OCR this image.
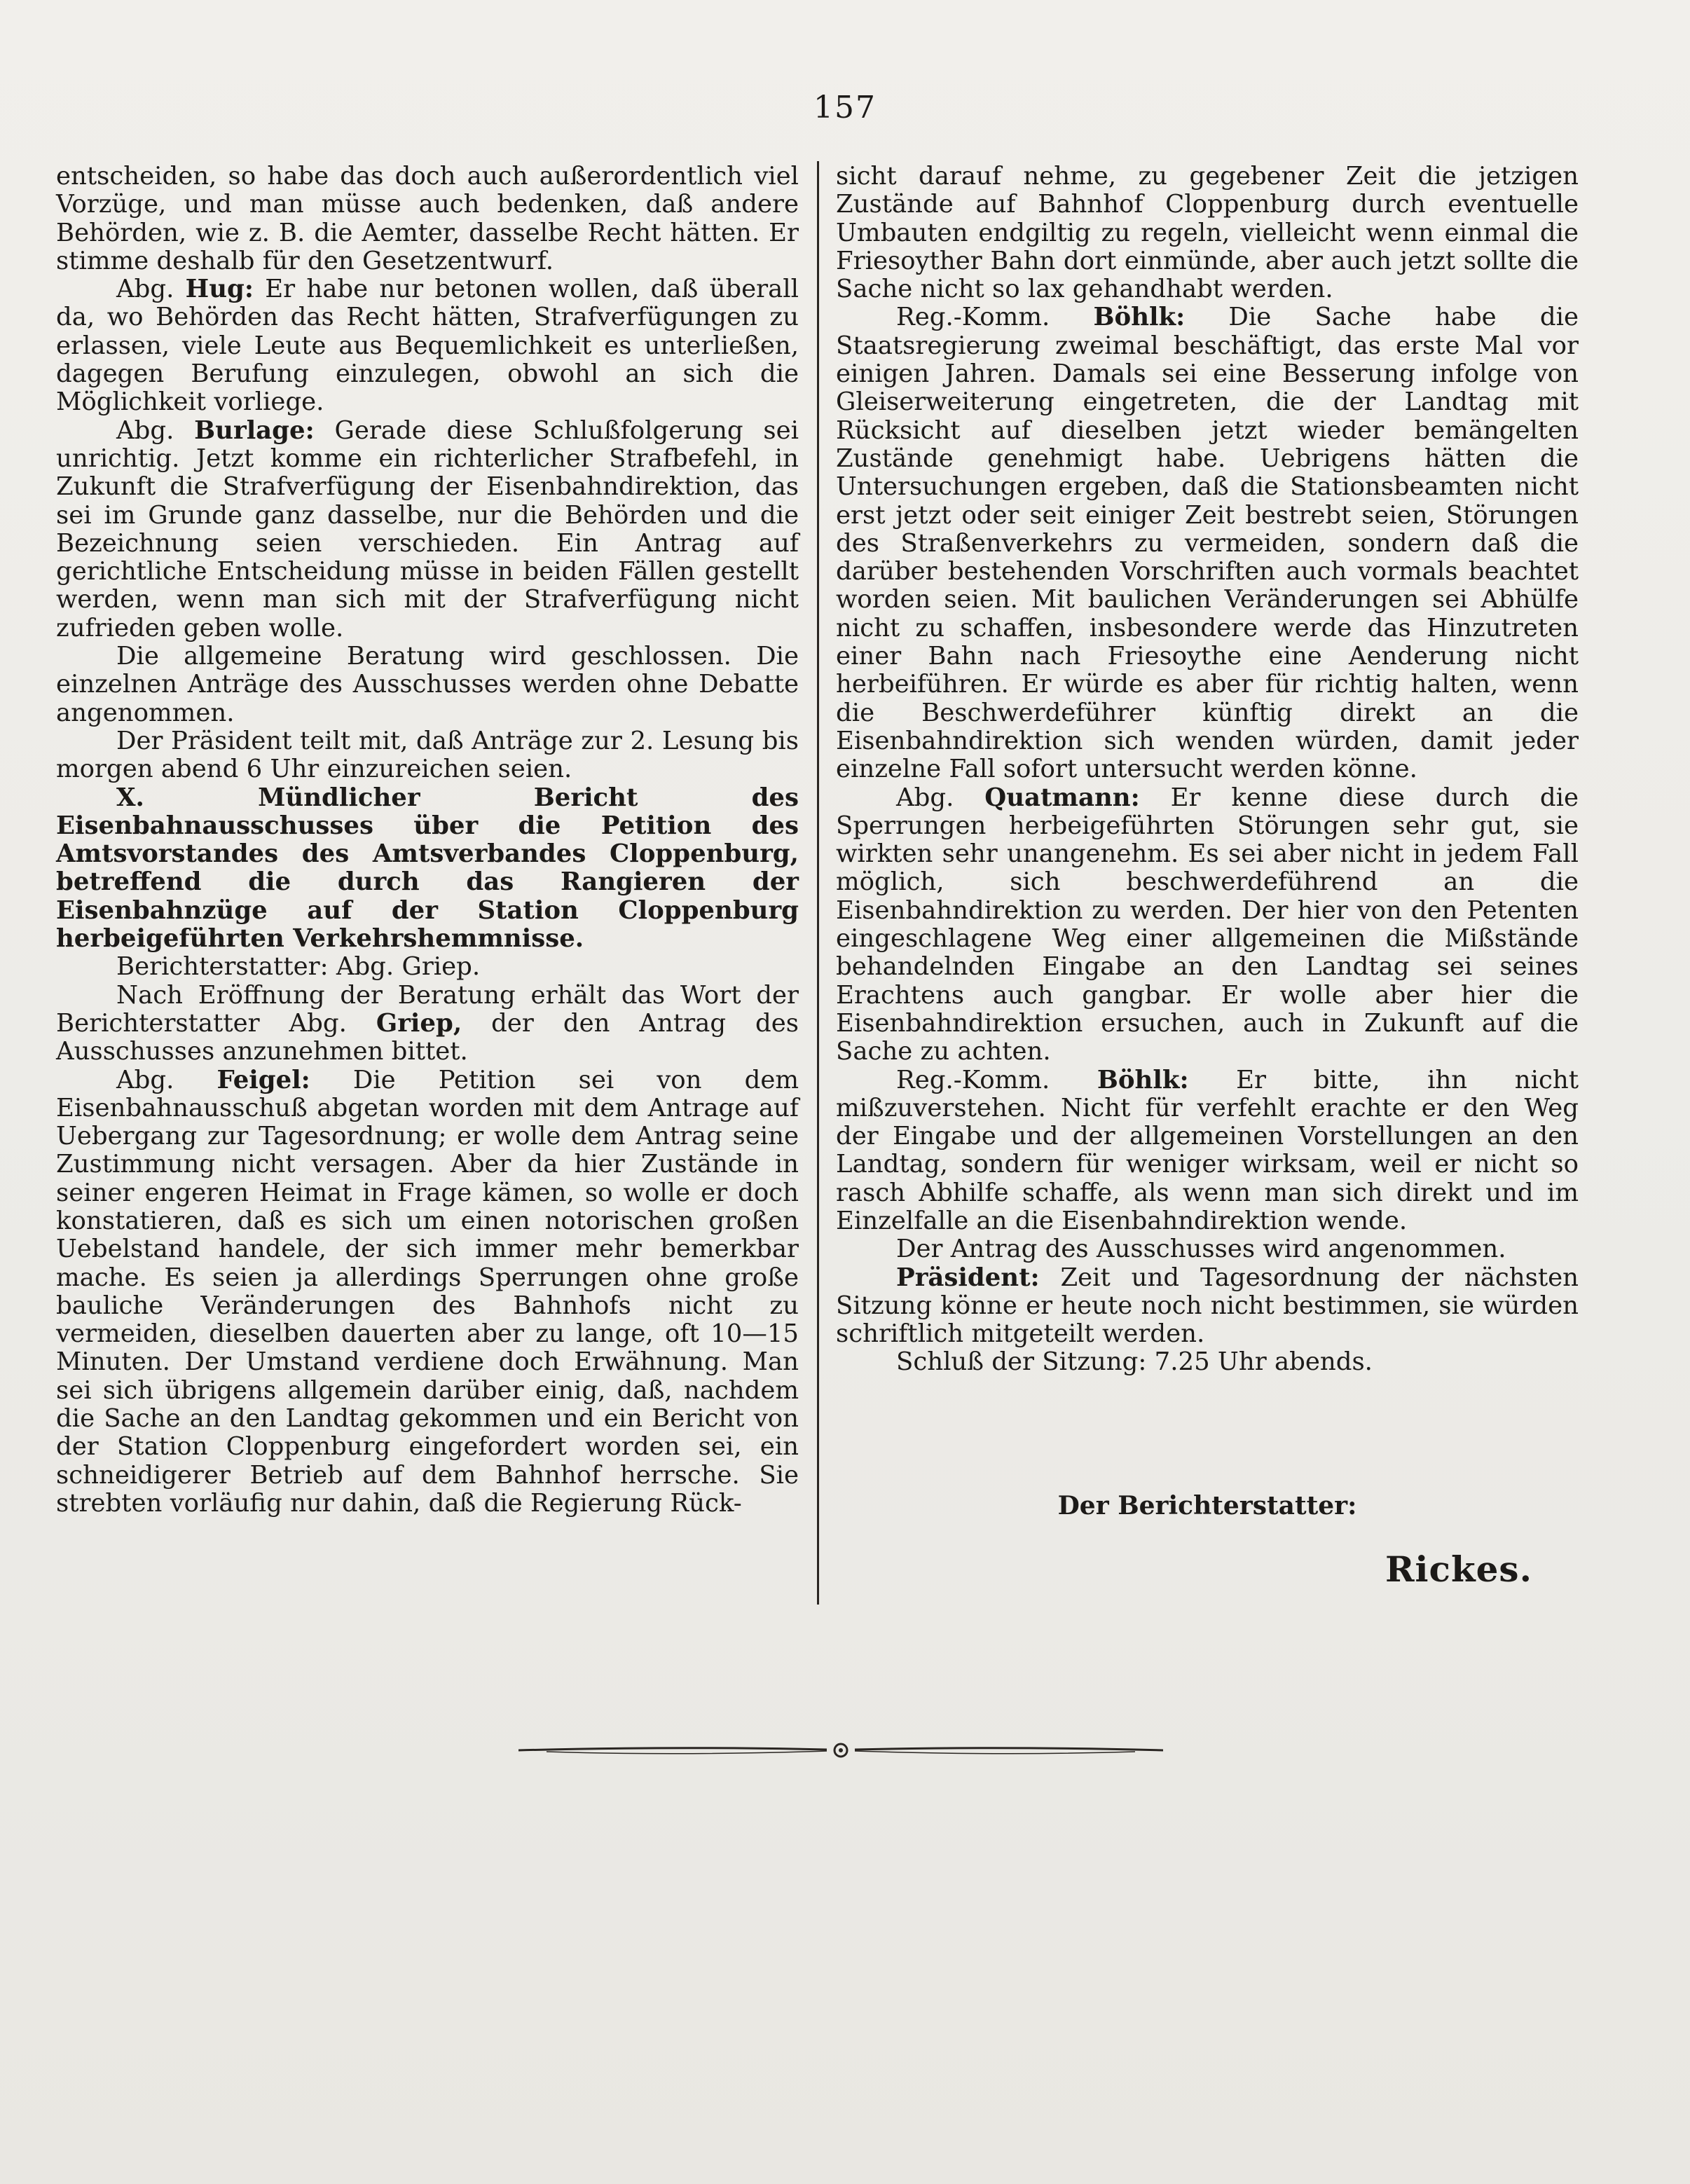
157

entscheiden, so habe das doch auch außerordentlich viel Vorzüge, und man müsse auch bedenken, daß andere Behörden, wie z. B. die Aemter, dasselbe Recht hätten. Er stimme deshalb für den Gesetzentwurf.

Abg. Hug: Er habe nur betonen wollen, daß überall da, wo Behörden das Recht hätten, Strafverfügungen zu erlassen, viele Leute aus Bequemlichkeit es unterließen, dagegen Berufung einzulegen, obwohl an sich die Möglichkeit vorliege.

Abg. Burlage: Gerade diese Schlußfolgerung sei unrichtig. Jetzt komme ein richterlicher Strafbefehl, in Zukunft die Strafverfügung der Eisenbahndirektion, das sei im Grunde ganz dasselbe, nur die Behörden und die Bezeichnung seien verschieden. Ein Antrag auf gerichtliche Entscheidung müsse in beiden Fällen gestellt werden, wenn man sich mit der Strafverfügung nicht zufrieden geben wolle.

Die allgemeine Beratung wird geschlossen. Die einzelnen Anträge des Ausschusses werden ohne Debatte angenommen.

Der Präsident teilt mit, daß Anträge zur 2. Lesung bis morgen abend 6 Uhr einzureichen seien.

X. Mündlicher Bericht des Eisenbahnausschusses über die Petition des Amtsvorstandes des Amtsverbandes Cloppenburg, betreffend die durch das Rangieren der Eisenbahnzüge auf der Station Cloppenburg herbeigeführten Verkehrshemmnisse.

Berichterstatter: Abg. Griep.

Nach Eröffnung der Beratung erhält das Wort der Berichterstatter Abg. Griep, der den Antrag des Ausschusses anzunehmen bittet.

Abg. Feigel: Die Petition sei von dem Eisenbahnausschuß abgetan worden mit dem Antrage auf Uebergang zur Tagesordnung; er wolle dem Antrag seine Zustimmung nicht versagen. Aber da hier Zustände in seiner engeren Heimat in Frage kämen, so wolle er doch konstatieren, daß es sich um einen notorischen großen Uebelstand handele, der sich immer mehr bemerkbar mache. Es seien ja allerdings Sperrungen ohne große bauliche Veränderungen des Bahnhofs nicht zu vermeiden, dieselben dauerten aber zu lange, oft 10—15 Minuten. Der Umstand verdiene doch Erwähnung. Man sei sich übrigens allgemein darüber einig, daß, nachdem die Sache an den Landtag gekommen und ein Bericht von der Station Cloppenburg eingefordert worden sei, ein schneidigerer Betrieb auf dem Bahnhof herrsche. Sie strebten vorläufig nur dahin, daß die Regierung Rück-

sicht darauf nehme, zu gegebener Zeit die jetzigen Zustände auf Bahnhof Cloppenburg durch eventuelle Umbauten endgiltig zu regeln, vielleicht wenn einmal die Friesoyther Bahn dort einmünde, aber auch jetzt sollte die Sache nicht so lax gehandhabt werden.

Reg.-Komm. Böhlk: Die Sache habe die Staatsregierung zweimal beschäftigt, das erste Mal vor einigen Jahren. Damals sei eine Besserung infolge von Gleiserweiterung eingetreten, die der Landtag mit Rücksicht auf dieselben jetzt wieder bemängelten Zustände genehmigt habe. Uebrigens hätten die Untersuchungen ergeben, daß die Stationsbeamten nicht erst jetzt oder seit einiger Zeit bestrebt seien, Störungen des Straßenverkehrs zu vermeiden, sondern daß die darüber bestehenden Vorschriften auch vormals beachtet worden seien. Mit baulichen Veränderungen sei Abhülfe nicht zu schaffen, insbesondere werde das Hinzutreten einer Bahn nach Friesoythe eine Aenderung nicht herbeiführen. Er würde es aber für richtig halten, wenn die Beschwerdeführer künftig direkt an die Eisenbahndirektion sich wenden würden, damit jeder einzelne Fall sofort untersucht werden könne.

Abg. Quatmann: Er kenne diese durch die Sperrungen herbeigeführten Störungen sehr gut, sie wirkten sehr unangenehm. Es sei aber nicht in jedem Fall möglich, sich beschwerdeführend an die Eisenbahndirektion zu werden. Der hier von den Petenten eingeschlagene Weg einer allgemeinen die Mißstände behandelnden Eingabe an den Landtag sei seines Erachtens auch gangbar. Er wolle aber hier die Eisenbahndirektion ersuchen, auch in Zukunft auf die Sache zu achten.

Reg.-Komm. Böhlk: Er bitte, ihn nicht mißzuverstehen. Nicht für verfehlt erachte er den Weg der Eingabe und der allgemeinen Vorstellungen an den Landtag, sondern für weniger wirksam, weil er nicht so rasch Abhilfe schaffe, als wenn man sich direkt und im Einzelfalle an die Eisenbahndirektion wende.

Der Antrag des Ausschusses wird angenommen.

Präsident: Zeit und Tagesordnung der nächsten Sitzung könne er heute noch nicht bestimmen, sie würden schriftlich mitgeteilt werden.

Schluß der Sitzung: 7.25 Uhr abends.

Der Berichterstatter:
Rickes.
